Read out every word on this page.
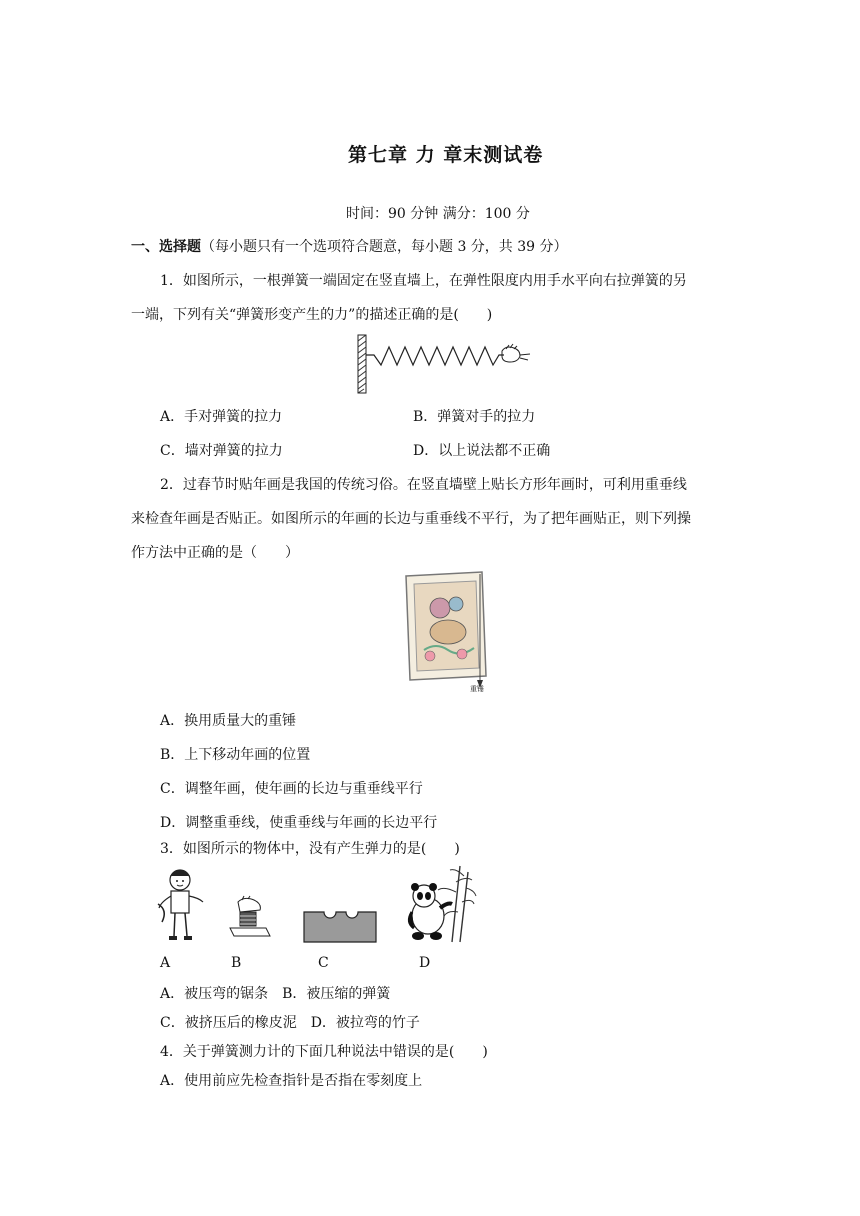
第七章 力 章末测试卷
时间：90 分钟 满分：100 分
一、选择题（每小题只有一个选项符合题意，每小题 3 分，共 39 分）
1．如图所示，一根弹簧一端固定在竖直墙上，在弹性限度内用手水平向右拉弹簧的另
一端，下列有关“弹簧形变产生的力”的描述正确的是(　　)
A．手对弹簧的拉力	B．弹簧对手的拉力
C．墙对弹簧的拉力	D．以上说法都不正确
2．过春节时贴年画是我国的传统习俗。在竖直墙壁上贴长方形年画时，可利用重垂线
来检查年画是否贴正。如图所示的年画的长边与重垂线不平行，为了把年画贴正，则下列操
作方法中正确的是（　　）
重锤
A．换用质量大的重锤
B．上下移动年画的位置
C．调整年画，使年画的长边与重垂线平行
D．调整重垂线，使重垂线与年画的长边平行
3．如图所示的物体中，没有产生弹力的是(　　)
A	B	C	D
A．被压弯的锯条　B．被压缩的弹簧
C．被挤压后的橡皮泥　D．被拉弯的竹子
4．关于弹簧测力计的下面几种说法中错误的是(　　)
A．使用前应先检查指针是否指在零刻度上
